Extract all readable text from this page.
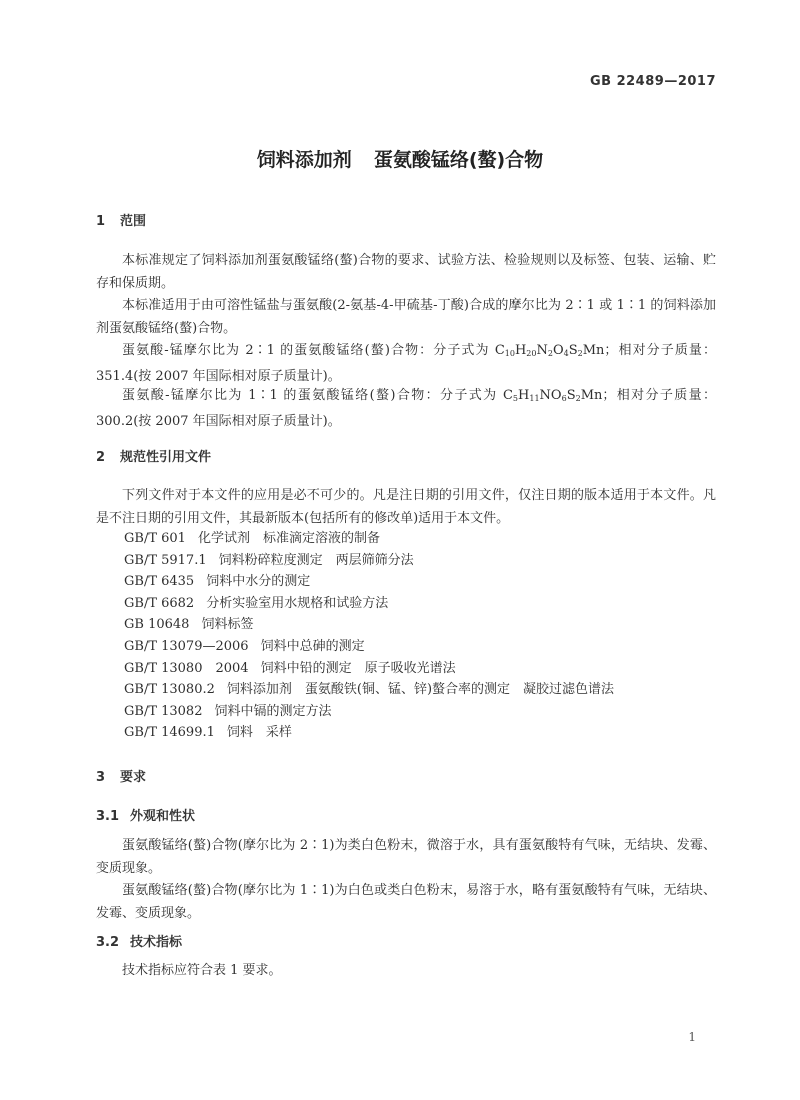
GB 22489—2017
饲料添加剂 蛋氨酸锰络(螯)合物
1 范围
本标准规定了饲料添加剂蛋氨酸锰络(螯)合物的要求、试验方法、检验规则以及标签、包装、运输、贮存和保质期。
本标准适用于由可溶性锰盐与蛋氨酸(2-氨基-4-甲硫基-丁酸)合成的摩尔比为 2∶1 或 1∶1 的饲料添加剂蛋氨酸锰络(螯)合物。
蛋氨酸-锰摩尔比为 2∶1 的蛋氨酸锰络(螯)合物：分子式为 $C_{10}H_{20}N_2O_4S_2Mn$；相对分子质量：351.4(按 2007 年国际相对原子质量计)。
蛋氨酸-锰摩尔比为 1∶1 的蛋氨酸锰络(螯)合物：分子式为 $C_5H_{11}NO_6S_2Mn$；相对分子质量：300.2(按 2007 年国际相对原子质量计)。
2 规范性引用文件
下列文件对于本文件的应用是必不可少的。凡是注日期的引用文件，仅注日期的版本适用于本文件。凡是不注日期的引用文件，其最新版本(包括所有的修改单)适用于本文件。
GB/T 601 化学试剂　标准滴定溶液的制备
GB/T 5917.1 饲料粉碎粒度测定　两层筛筛分法
GB/T 6435 饲料中水分的测定
GB/T 6682 分析实验室用水规格和试验方法
GB 10648 饲料标签
GB/T 13079—2006 饲料中总砷的测定
GB/T 13080　2004 饲料中铅的测定　原子吸收光谱法
GB/T 13080.2 饲料添加剂　蛋氨酸铁(铜、锰、锌)螯合率的测定　凝胶过滤色谱法
GB/T 13082 饲料中镉的测定方法
GB/T 14699.1 饲料　采样
3 要求
3.1 外观和性状
蛋氨酸锰络(螯)合物(摩尔比为 2∶1)为类白色粉末，微溶于水，具有蛋氨酸特有气味，无结块、发霉、变质现象。
蛋氨酸锰络(螯)合物(摩尔比为 1∶1)为白色或类白色粉末，易溶于水，略有蛋氨酸特有气味，无结块、发霉、变质现象。
3.2 技术指标
技术指标应符合表 1 要求。
1
